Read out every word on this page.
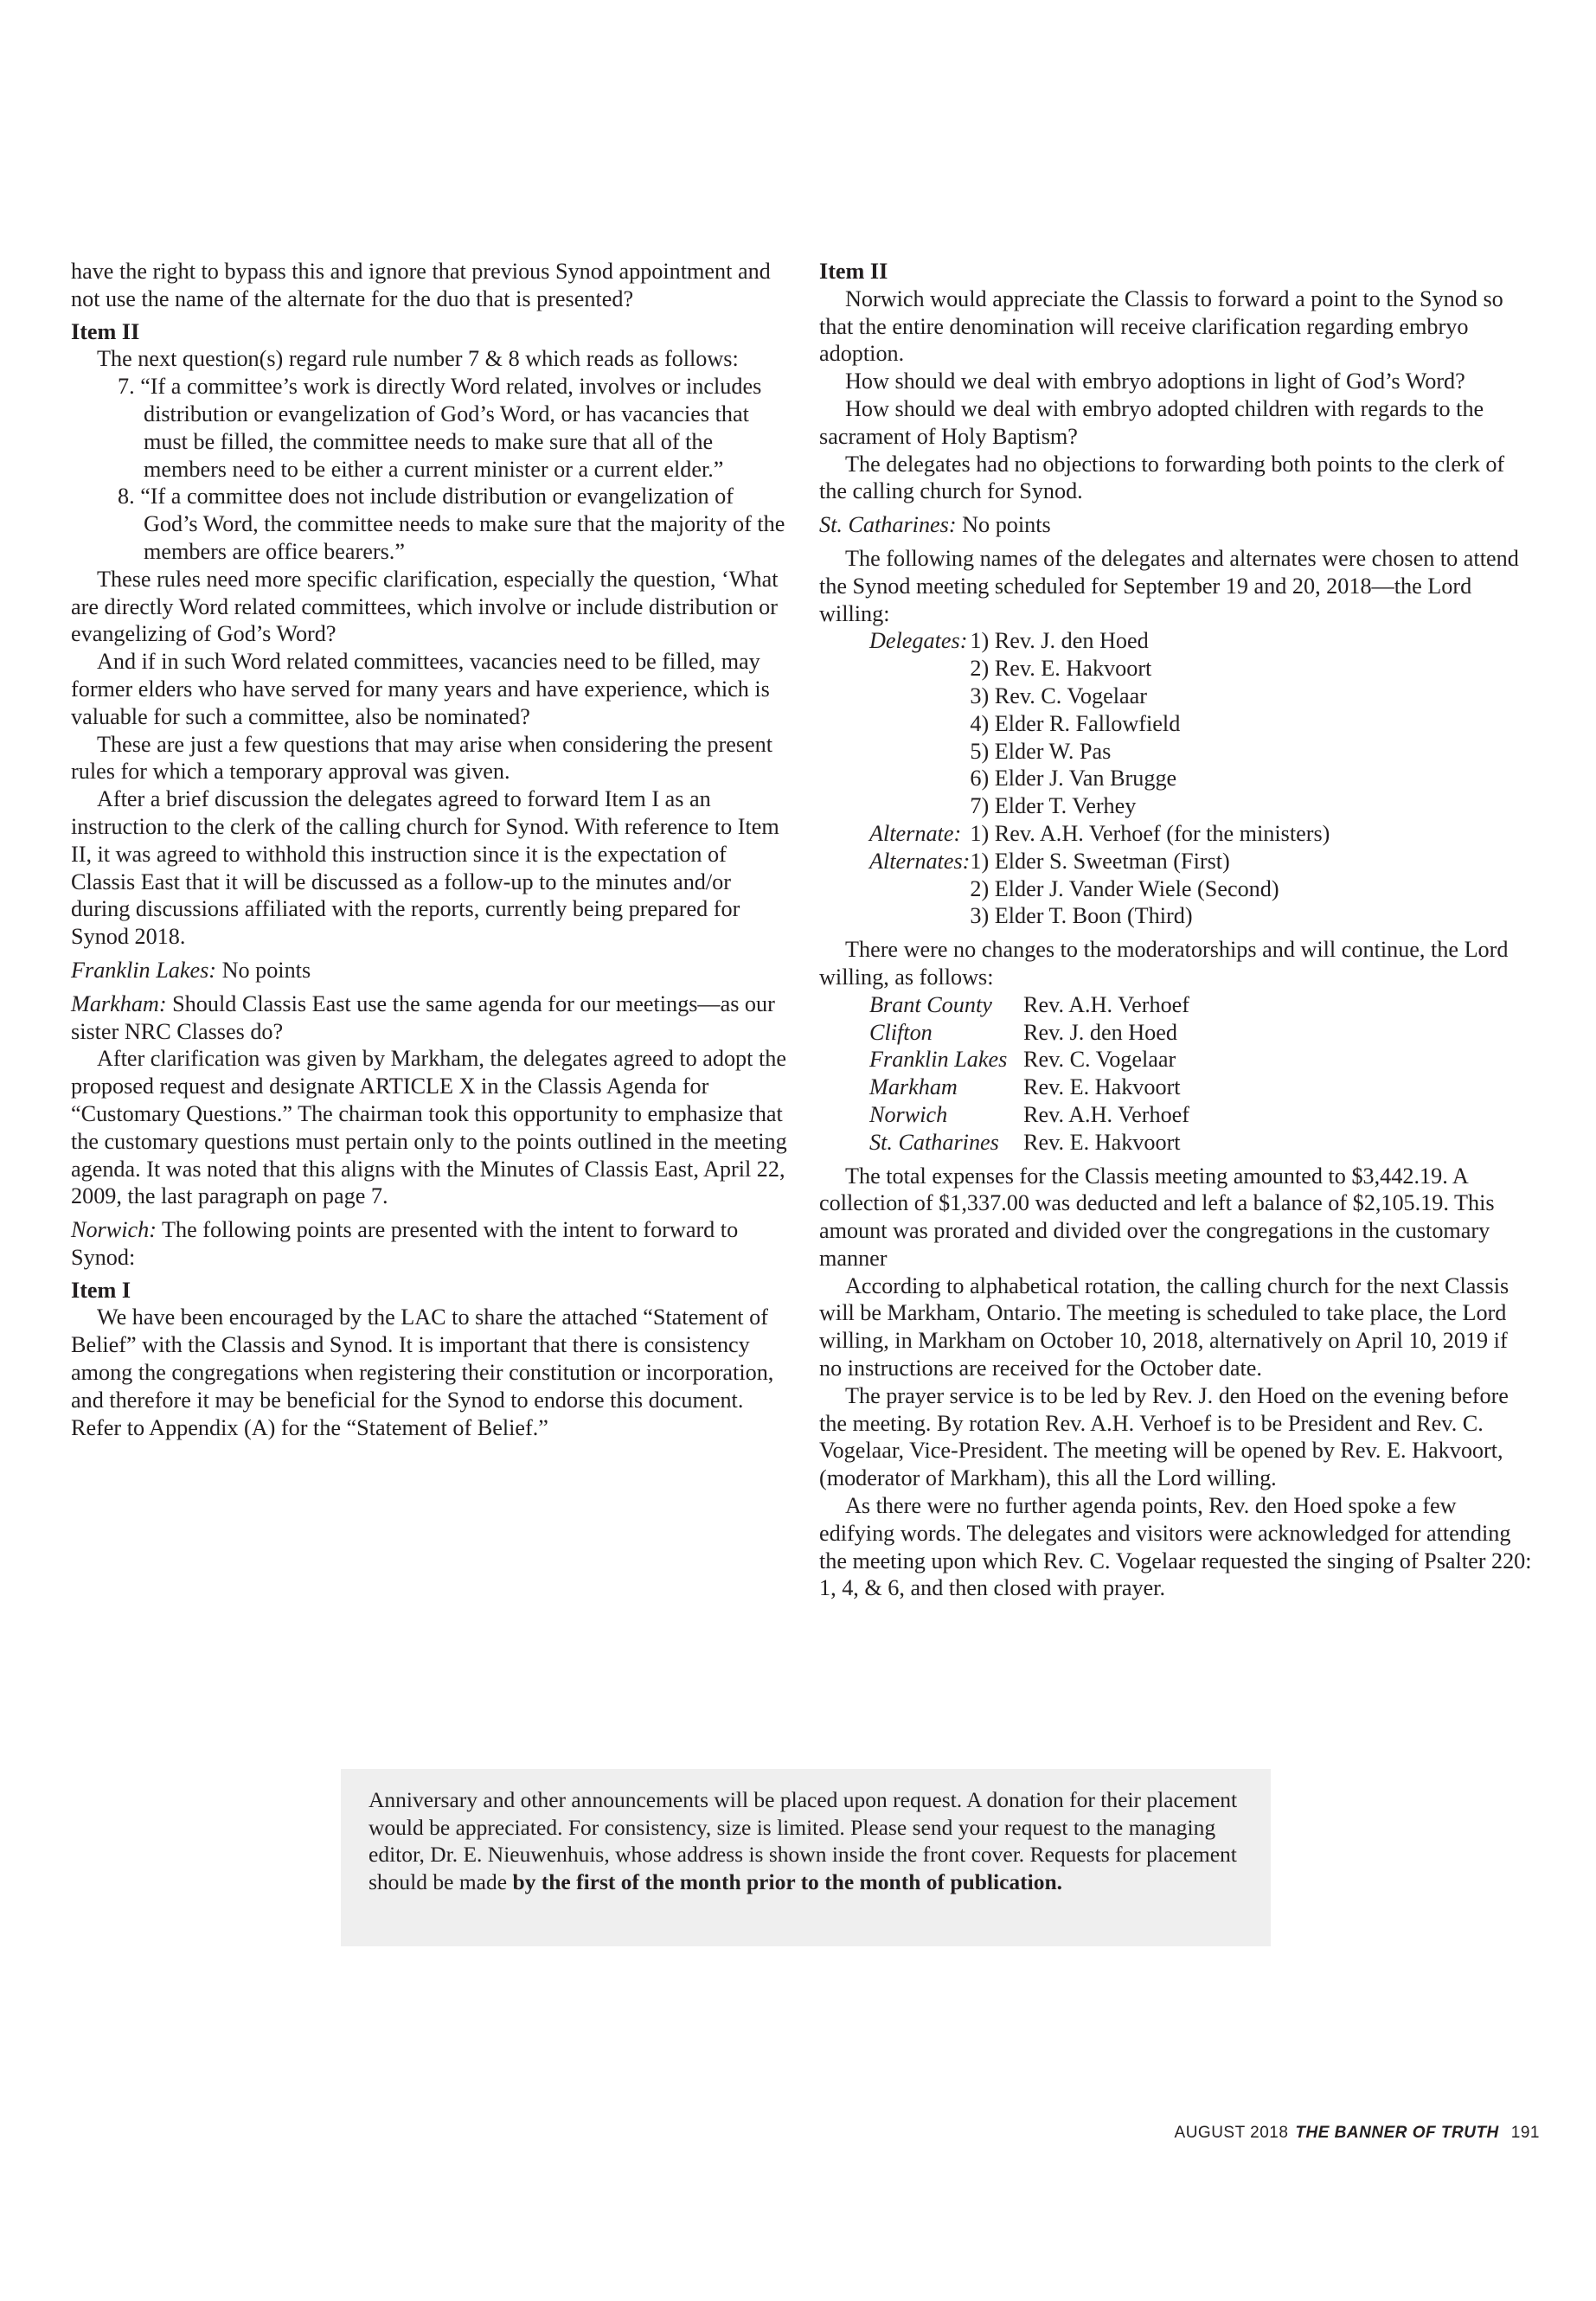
have the right to bypass this and ignore that previous Synod appointment and not use the name of the alternate for the duo that is presented?

Item II

The next question(s) regard rule number 7 & 8 which reads as follows:

7. “If a committee’s work is directly Word related, involves or includes distribution or evangelization of God’s Word, or has vacancies that must be filled, the committee needs to make sure that all of the members need to be either a current minister or a current elder.”

8. “If a committee does not include distribution or evangelization of God’s Word, the committee needs to make sure that the majority of the members are office bearers.”

These rules need more specific clarification, especially the question, ‘What are directly Word related committees, which involve or include distribution or evangelizing of God’s Word?

And if in such Word related committees, vacancies need to be filled, may former elders who have served for many years and have experience, which is valuable for such a committee, also be nominated?

These are just a few questions that may arise when considering the present rules for which a temporary approval was given.

After a brief discussion the delegates agreed to forward Item I as an instruction to the clerk of the calling church for Synod. With reference to Item II, it was agreed to withhold this instruction since it is the expectation of Classis East that it will be discussed as a follow-up to the minutes and/or during discussions affiliated with the reports, currently being prepared for Synod 2018.

Franklin Lakes: No points

Markham: Should Classis East use the same agenda for our meetings—as our sister NRC Classes do?

After clarification was given by Markham, the delegates agreed to adopt the proposed request and designate ARTICLE X in the Classis Agenda for “Customary Questions.” The chairman took this opportunity to emphasize that the customary questions must pertain only to the points outlined in the meeting agenda. It was noted that this aligns with the Minutes of Classis East, April 22, 2009, the last paragraph on page 7.

Norwich: The following points are presented with the intent to forward to Synod:

Item I

We have been encouraged by the LAC to share the attached “Statement of Belief” with the Classis and Synod. It is important that there is consistency among the congregations when registering their constitution or incorporation, and therefore it may be beneficial for the Synod to endorse this document. Refer to Appendix (A) for the “Statement of Belief.”

Item II

Norwich would appreciate the Classis to forward a point to the Synod so that the entire denomination will receive clarification regarding embryo adoption.

How should we deal with embryo adoptions in light of God’s Word?

How should we deal with embryo adopted children with regards to the sacrament of Holy Baptism?

The delegates had no objections to forwarding both points to the clerk of the calling church for Synod.

St. Catharines: No points

The following names of the delegates and alternates were chosen to attend the Synod meeting scheduled for September 19 and 20, 2018—the Lord willing:

Delegates:	1) Rev. J. den Hoed
	2) Rev. E. Hakvoort
	3) Rev. C. Vogelaar
	4) Elder R. Fallowfield
	5) Elder W. Pas
	6) Elder J. Van Brugge
	7) Elder T. Verhey
Alternate:	1) Rev. A.H. Verhoef (for the ministers)
Alternates:	1) Elder S. Sweetman (First)
	2) Elder J. Vander Wiele (Second)
	3) Elder T. Boon (Third)

There were no changes to the moderatorships and will continue, the Lord willing, as follows:

Brant County	Rev. A.H. Verhoef
Clifton	Rev. J. den Hoed
Franklin Lakes	Rev. C. Vogelaar
Markham	Rev. E. Hakvoort
Norwich	Rev. A.H. Verhoef
St. Catharines	Rev. E. Hakvoort

The total expenses for the Classis meeting amounted to $3,442.19. A collection of $1,337.00 was deducted and left a balance of $2,105.19. This amount was prorated and divided over the congregations in the customary manner

According to alphabetical rotation, the calling church for the next Classis will be Markham, Ontario. The meeting is scheduled to take place, the Lord willing, in Markham on October 10, 2018, alternatively on April 10, 2019 if no instructions are received for the October date.

The prayer service is to be led by Rev. J. den Hoed on the evening before the meeting. By rotation Rev. A.H. Verhoef is to be President and Rev. C. Vogelaar, Vice-President. The meeting will be opened by Rev. E. Hakvoort, (moderator of Markham), this all the Lord willing.

As there were no further agenda points, Rev. den Hoed spoke a few edifying words. The delegates and visitors were acknowledged for attending the meeting upon which Rev. C. Vogelaar requested the singing of Psalter 220: 1, 4, & 6, and then closed with prayer.

Anniversary and other announcements will be placed upon request. A donation for their placement would be appreciated. For consistency, size is limited. Please send your request to the managing editor, Dr. E. Nieuwenhuis, whose address is shown inside the front cover. Requests for placement should be made by the first of the month prior to the month of publication.
AUGUST 2018 THE BANNER OF TRUTH 191
